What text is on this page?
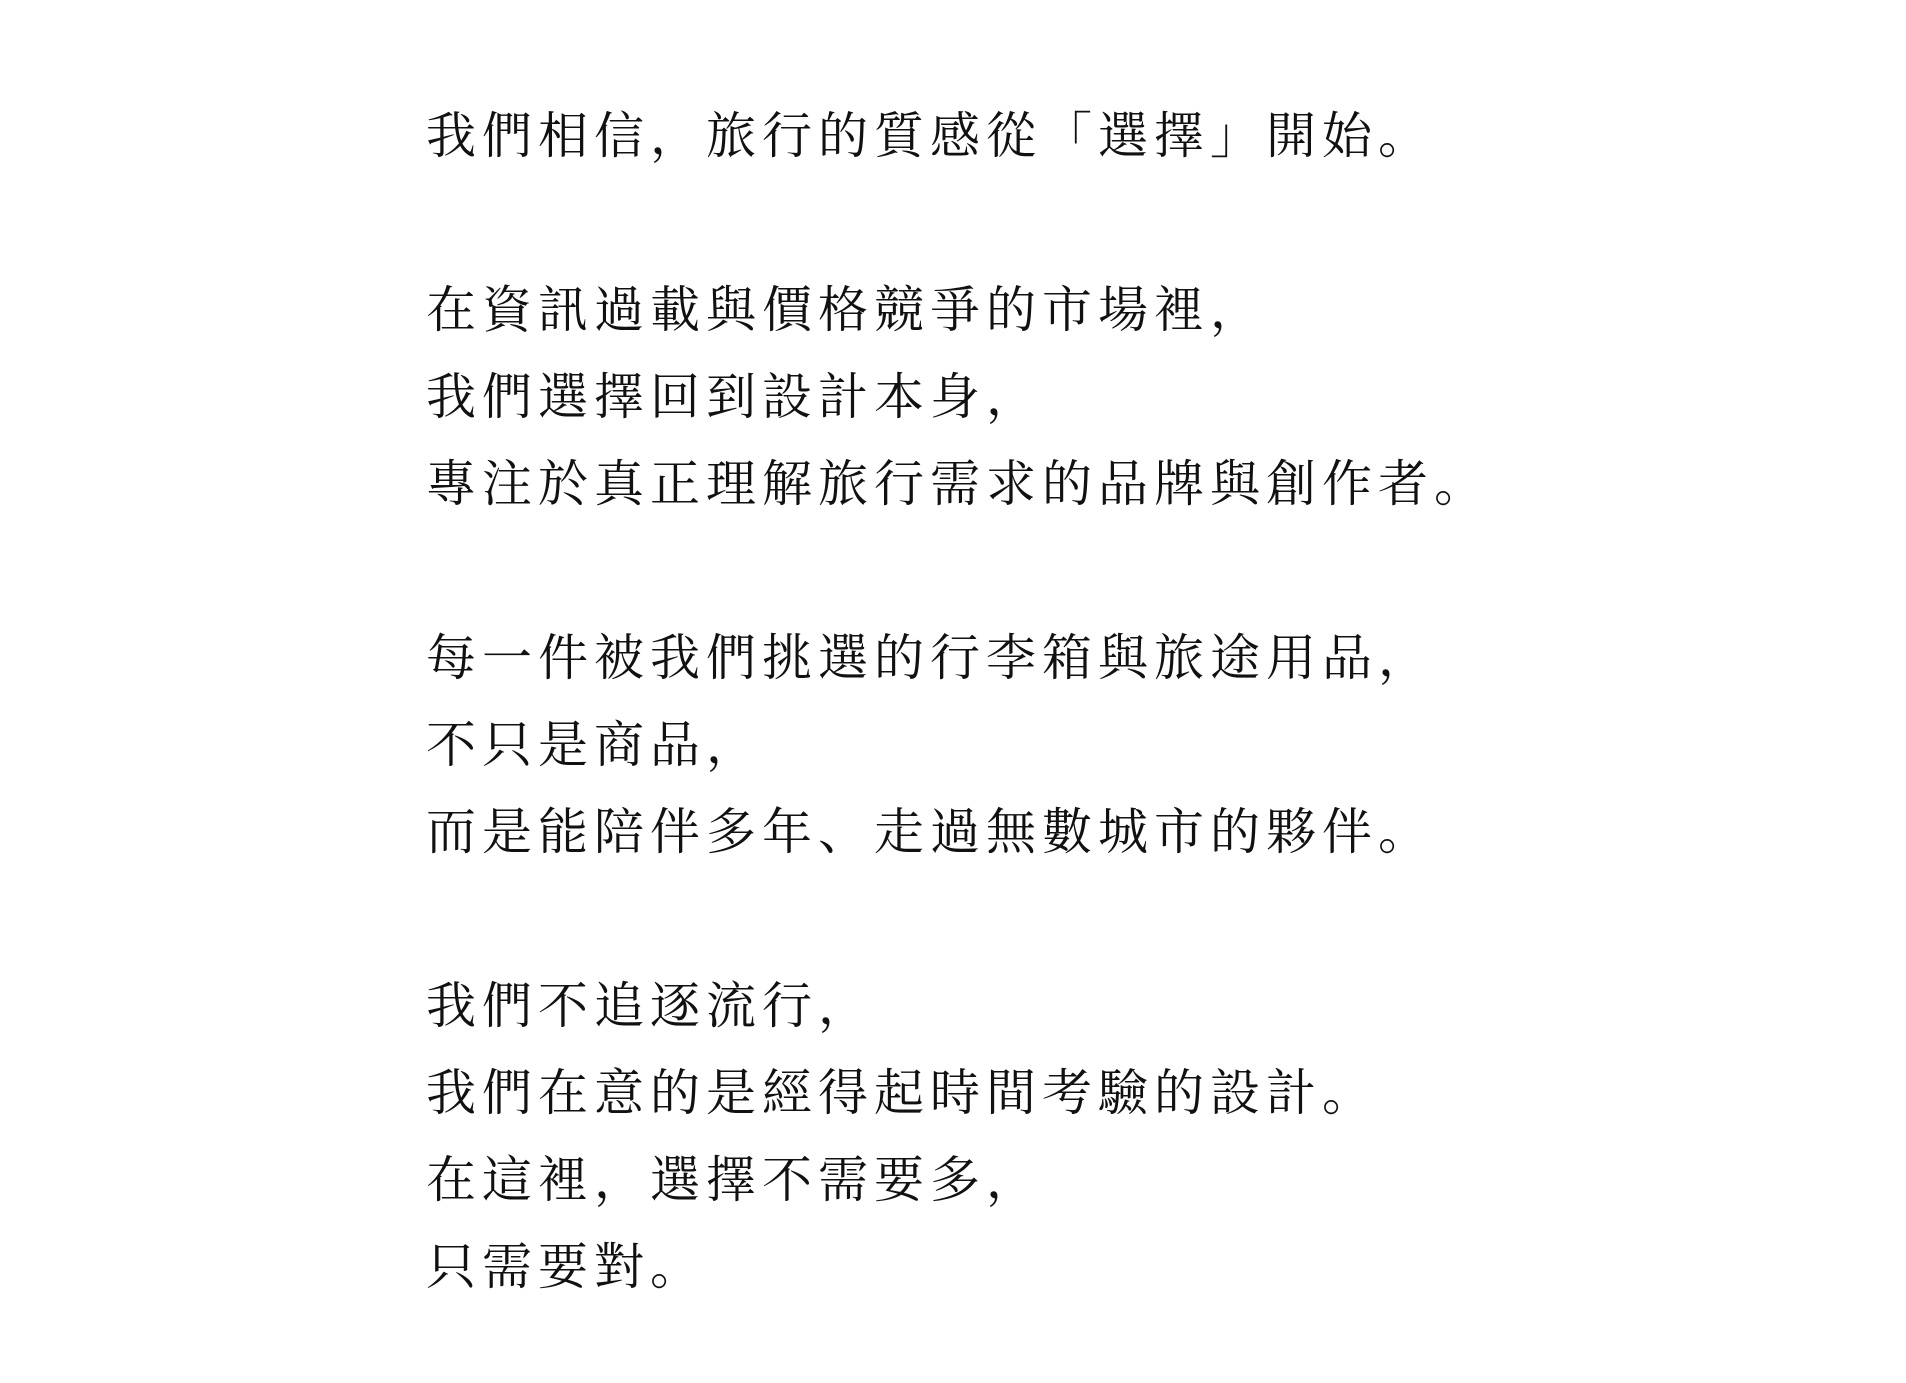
我們相信，旅行的質感從「選擇」開始。
在資訊過載與價格競爭的市場裡，
我們選擇回到設計本身，
專注於真正理解旅行需求的品牌與創作者。
每一件被我們挑選的行李箱與旅途用品，
不只是商品，
而是能陪伴多年、走過無數城市的夥伴。
我們不追逐流行，
我們在意的是經得起時間考驗的設計。
在這裡，選擇不需要多，
只需要對。
